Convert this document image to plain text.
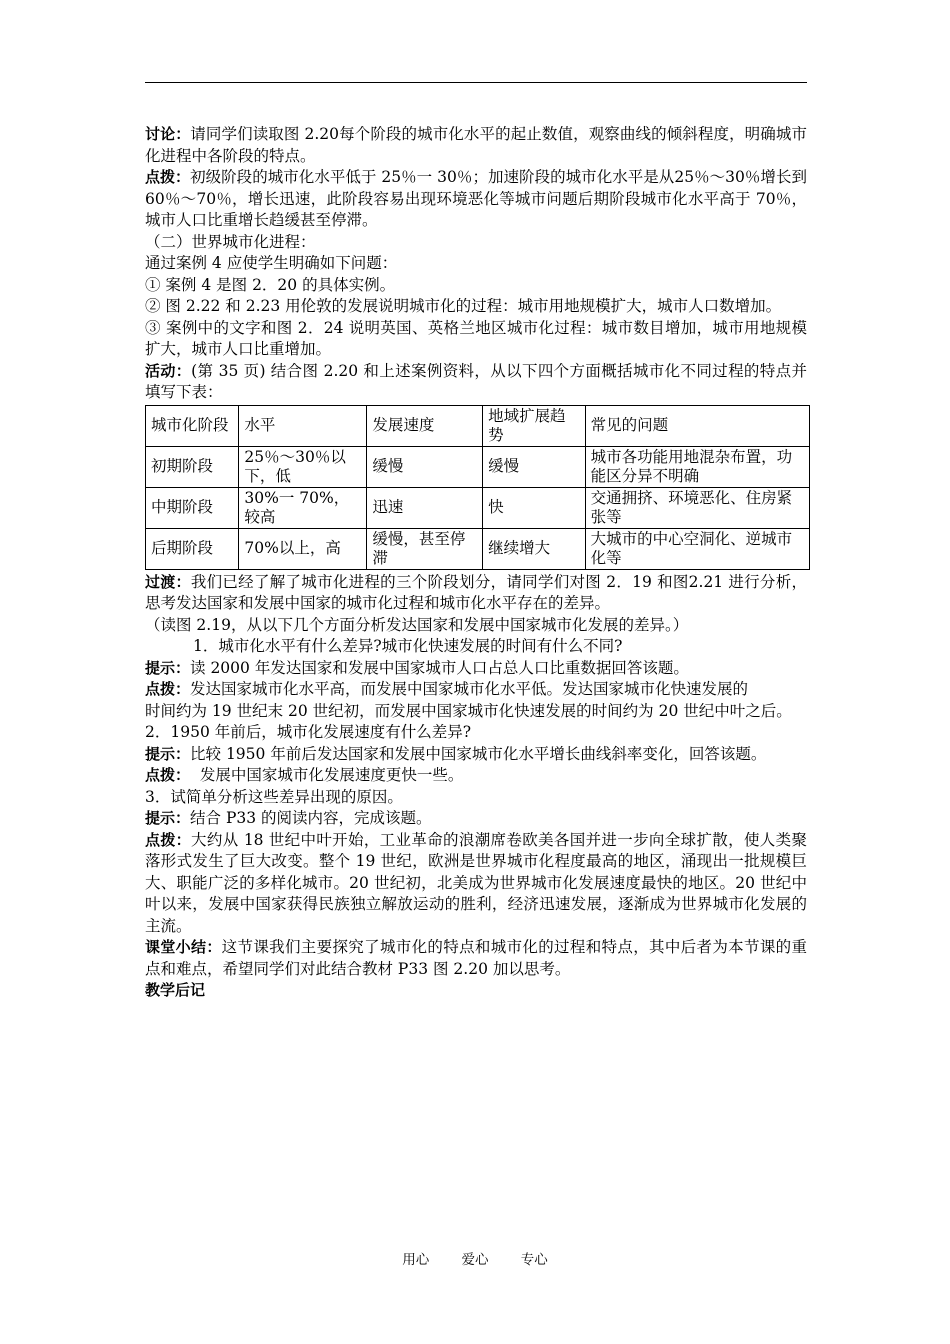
讨论：请同学们读取图 2.20每个阶段的城市化水平的起止数值，观察曲线的倾斜程度，明确城市化进程中各阶段的特点。

点拨：初级阶段的城市化水平低于 25％一 30％；加速阶段的城市化水平是从25％～30％增长到 60％～70％，增长迅速，此阶段容易出现环境恶化等城市问题后期阶段城市化水平高于 70％，城市人口比重增长趋缓甚至停滞。

（二）世界城市化进程：

通过案例 4 应使学生明确如下问题：

① 案例 4 是图 2．20 的具体实例。

② 图 2.22 和 2.23 用伦敦的发展说明城市化的过程：城市用地规模扩大，城市人口数增加。

③ 案例中的文字和图 2．24 说明英国、英格兰地区城市化过程：城市数目增加，城市用地规模扩大，城市人口比重增加。

活动：(第 35 页) 结合图 2.20 和上述案例资料，从以下四个方面概括城市化不同过程的特点并填写下表：

城市化阶段	水平	发展速度	地域扩展趋势	常见的问题
初期阶段	25％～30％以下，低	缓慢	缓慢	城市各功能用地混杂布置，功能区分异不明确
中期阶段	30%一 70%，较高	迅速	快	交通拥挤、环境恶化、住房紧张等
后期阶段	70%以上，高	缓慢，甚至停滞	继续增大	大城市的中心空洞化、逆城市化等

过渡：我们已经了解了城市化进程的三个阶段划分，请同学们对图 2．19 和图2.21 进行分析，思考发达国家和发展中国家的城市化过程和城市化水平存在的差异。

（读图 2.19，从以下几个方面分析发达国家和发展中国家城市化发展的差异。）

1．城市化水平有什么差异?城市化快速发展的时间有什么不同?

提示：读 2000 年发达国家和发展中国家城市人口占总人口比重数据回答该题。

点拨：发达国家城市化水平高，而发展中国家城市化水平低。发达国家城市化快速发展的

时间约为 19 世纪末 20 世纪初，而发展中国家城市化快速发展的时间约为 20 世纪中叶之后。

2．1950 年前后，城市化发展速度有什么差异?

提示：比较 1950 年前后发达国家和发展中国家城市化水平增长曲线斜率变化，回答该题。

点拨：  发展中国家城市化发展速度更快一些。

3．试简单分析这些差异出现的原因。

提示：结合 P33 的阅读内容，完成该题。

点拨：大约从 18 世纪中叶开始，工业革命的浪潮席卷欧美各国并进一步向全球扩散，使人类聚落形式发生了巨大改变。整个 19 世纪，欧洲是世界城市化程度最高的地区，涌现出一批规模巨大、职能广泛的多样化城市。20 世纪初，北美成为世界城市化发展速度最快的地区。20 世纪中叶以来，发展中国家获得民族独立解放运动的胜利，经济迅速发展，逐渐成为世界城市化发展的主流。

课堂小结：这节课我们主要探究了城市化的特点和城市化的过程和特点，其中后者为本节课的重点和难点，希望同学们对此结合教材 P33 图 2.20 加以思考。

教学后记

用心 爱心 专心
